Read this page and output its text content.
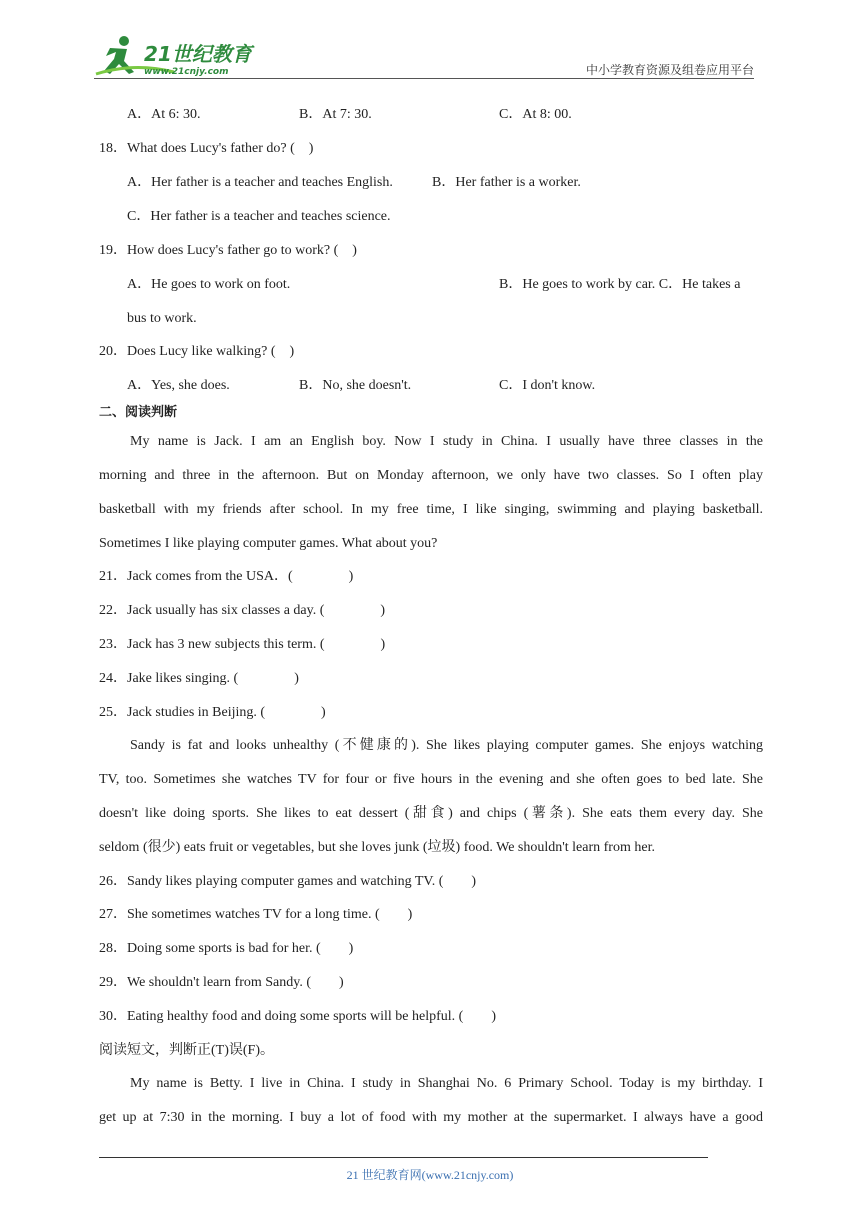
21世纪教育
www.21cnjy.com	中小学教育资源及组卷应用平台
A．At 6: 30.	B．At 7: 30.	C．At 8: 00.
18．What does Lucy's father do? (　)
A．Her father is a teacher and teaches English.	B．Her father is a worker.
C．Her father is a teacher and teaches science.
19．How does Lucy's father go to work? (　)
A．He goes to work on foot.	B．He goes to work by car. C．He takes a
bus to work.
20．Does Lucy like walking? (　)
A．Yes, she does.	B．No, she doesn't.	C．I don't know.
二、阅读判断
My name is Jack. I am an English boy. Now I study in China. I usually have three classes in the
morning and three in the afternoon. But on Monday afternoon, we only have two classes. So I often play
basketball with my friends after school. In my free time, I like singing, swimming and playing basketball.
Sometimes I like playing computer games. What about you?
21．Jack comes from the USA．(　　　　)
22．Jack usually has six classes a day. (　　　　)
23．Jack has 3 new subjects this term. (　　　　)
24．Jake likes singing. (　　　　)
25．Jack studies in Beijing. (　　　　)
Sandy is fat and looks unhealthy (不健康的). She likes playing computer games. She enjoys watching
TV, too. Sometimes she watches TV for four or five hours in the evening and she often goes to bed late. She
doesn't like doing sports. She likes to eat dessert (甜食) and chips (薯条). She eats them every day. She
seldom (很少) eats fruit or vegetables, but she loves junk (垃圾) food. We shouldn't learn from her.
26．Sandy likes playing computer games and watching TV. (　　)
27．She sometimes watches TV for a long time. (　　)
28．Doing some sports is bad for her. (　　)
29．We shouldn't learn from Sandy. (　　)
30．Eating healthy food and doing some sports will be helpful. (　　)
阅读短文，判断正(T)误(F)。
My name is Betty. I live in China. I study in Shanghai No. 6 Primary School. Today is my birthday. I
get up at 7:30 in the morning. I buy a lot of food with my mother at the supermarket. I always have a good
21 世纪教育网(www.21cnjy.com)
